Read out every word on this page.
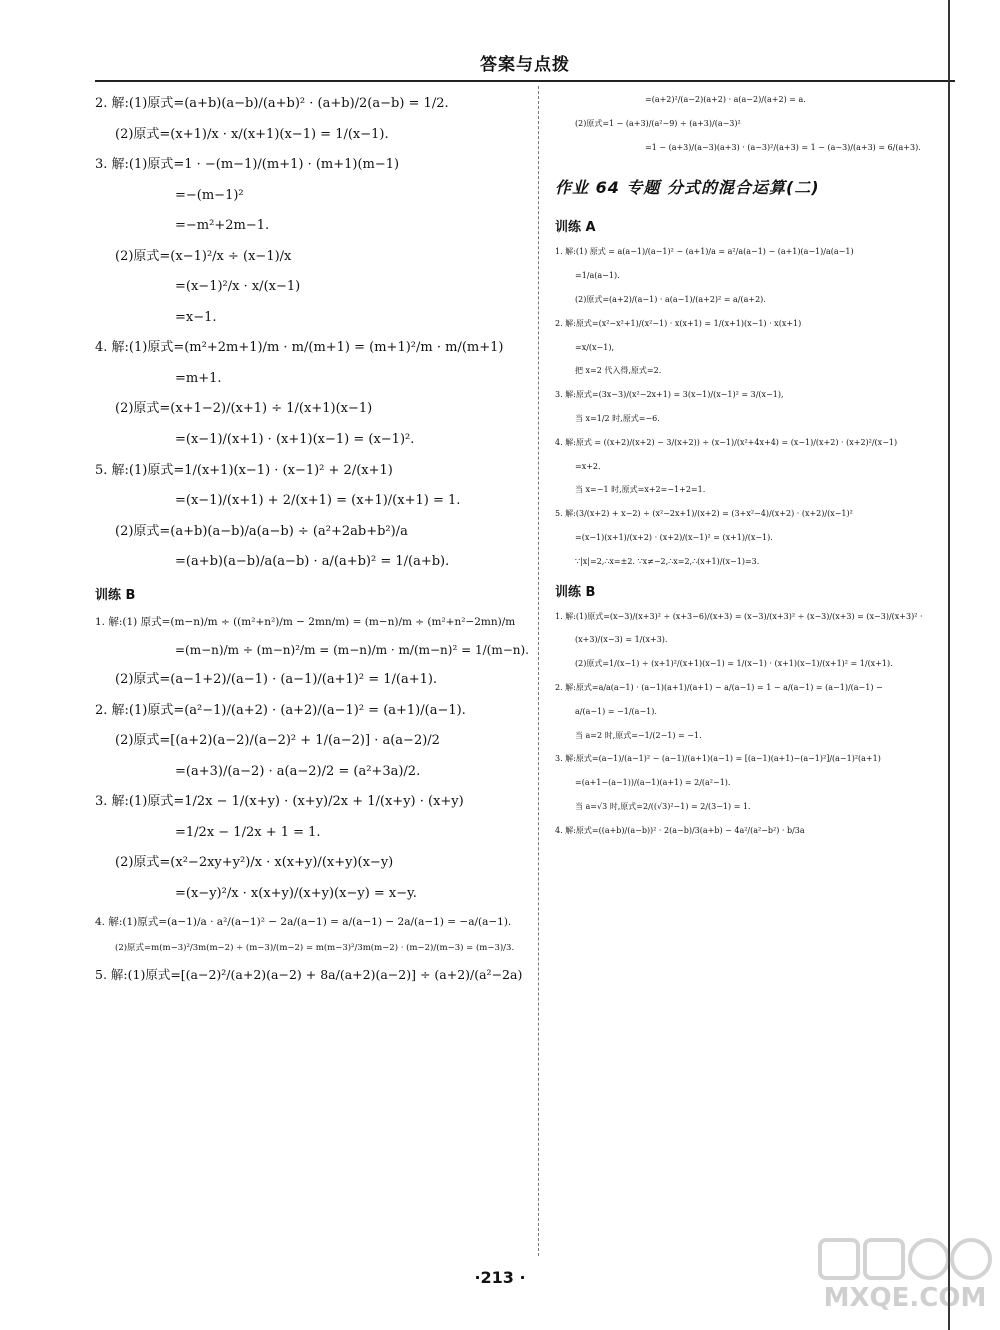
答案与点拨
2. 解:(1)原式=(a+b)(a−b)/(a+b)² · (a+b)/2(a−b) = 1/2.
(2)原式=(x+1)/x · x/(x+1)(x−1) = 1/(x−1).
3. 解:(1)原式=1 · −(m−1)/(m+1) · (m+1)(m−1)
=−(m−1)²
=−m²+2m−1.
(2)原式=(x−1)²/x ÷ (x−1)/x
=(x−1)²/x · x/(x−1)
=x−1.
4. 解:(1)原式=(m²+2m+1)/m · m/(m+1) = (m+1)²/m · m/(m+1)
=m+1.
(2)原式=(x+1−2)/(x+1) ÷ 1/(x+1)(x−1)
=(x−1)/(x+1) · (x+1)(x−1) = (x−1)².
5. 解:(1)原式=1/(x+1)(x−1) · (x−1)² + 2/(x+1)
=(x−1)/(x+1) + 2/(x+1) = (x+1)/(x+1) = 1.
(2)原式=(a+b)(a−b)/a(a−b) ÷ (a²+2ab+b²)/a
=(a+b)(a−b)/a(a−b) · a/(a+b)² = 1/(a+b).
训练 B
1. 解:(1) 原式=(m−n)/m ÷ ((m²+n²)/m − 2mn/m) = (m−n)/m ÷ (m²+n²−2mn)/m
=(m−n)/m ÷ (m−n)²/m = (m−n)/m · m/(m−n)² = 1/(m−n).
(2)原式=(a−1+2)/(a−1) · (a−1)/(a+1)² = 1/(a+1).
2. 解:(1)原式=(a²−1)/(a+2) · (a+2)/(a−1)² = (a+1)/(a−1).
(2)原式=[(a+2)(a−2)/(a−2)² + 1/(a−2)] · a(a−2)/2
=(a+3)/(a−2) · a(a−2)/2 = (a²+3a)/2.
3. 解:(1)原式=1/2x − 1/(x+y) · (x+y)/2x + 1/(x+y) · (x+y)
=1/2x − 1/2x + 1 = 1.
(2)原式=(x²−2xy+y²)/x · x(x+y)/(x+y)(x−y)
=(x−y)²/x · x(x+y)/(x+y)(x−y) = x−y.
4. 解:(1)原式=(a−1)/a · a²/(a−1)² − 2a/(a−1) = a/(a−1) − 2a/(a−1) = −a/(a−1).
(2)原式=m(m−3)²/3m(m−2) ÷ (m−3)/(m−2) = m(m−3)²/3m(m−2) · (m−2)/(m−3) = (m−3)/3.
5. 解:(1)原式=[(a−2)²/(a+2)(a−2) + 8a/(a+2)(a−2)] ÷ (a+2)/(a²−2a)
=(a+2)²/(a−2)(a+2) · a(a−2)/(a+2) = a.
(2)原式=1 − (a+3)/(a²−9) ÷ (a+3)/(a−3)²
=1 − (a+3)/(a−3)(a+3) · (a−3)²/(a+3) = 1 − (a−3)/(a+3) = 6/(a+3).
作业 64 专题 分式的混合运算(二)
训练 A
1. 解:(1) 原式 = a(a−1)/(a−1)² − (a+1)/a = a²/a(a−1) − (a+1)(a−1)/a(a−1)
=1/a(a−1).
(2)原式=(a+2)/(a−1) · a(a−1)/(a+2)² = a/(a+2).
2. 解:原式=(x²−x²+1)/(x²−1) · x(x+1) = 1/(x+1)(x−1) · x(x+1)
=x/(x−1),
把 x=2 代入得,原式=2.
3. 解:原式=(3x−3)/(x²−2x+1) = 3(x−1)/(x−1)² = 3/(x−1),
当 x=1/2 时,原式=−6.
4. 解:原式 = ((x+2)/(x+2) − 3/(x+2)) ÷ (x−1)/(x²+4x+4) = (x−1)/(x+2) · (x+2)²/(x−1)
=x+2.
当 x=−1 时,原式=x+2=−1+2=1.
5. 解:(3/(x+2) + x−2) ÷ (x²−2x+1)/(x+2) = (3+x²−4)/(x+2) · (x+2)/(x−1)²
=(x−1)(x+1)/(x+2) · (x+2)/(x−1)² = (x+1)/(x−1).
∵|x|=2,∴x=±2. ∵x≠−2,∴x=2,∴(x+1)/(x−1)=3.
训练 B
1. 解:(1)原式=(x−3)/(x+3)² ÷ (x+3−6)/(x+3) = (x−3)/(x+3)² ÷ (x−3)/(x+3) = (x−3)/(x+3)² ·
(x+3)/(x−3) = 1/(x+3).
(2)原式=1/(x−1) ÷ (x+1)²/(x+1)(x−1) = 1/(x−1) · (x+1)(x−1)/(x+1)² = 1/(x+1).
2. 解:原式=a/a(a−1) · (a−1)(a+1)/(a+1) − a/(a−1) = 1 − a/(a−1) = (a−1)/(a−1) −
a/(a−1) = −1/(a−1).
当 a=2 时,原式=−1/(2−1) = −1.
3. 解:原式=(a−1)/(a−1)² − (a−1)/(a+1)(a−1) = [(a−1)(a+1)−(a−1)²]/(a−1)²(a+1)
=(a+1−(a−1))/(a−1)(a+1) = 2/(a²−1).
当 a=√3 时,原式=2/((√3)²−1) = 2/(3−1) = 1.
4. 解:原式=((a+b)/(a−b))² · 2(a−b)/3(a+b) − 4a²/(a²−b²) · b/3a
·213 ·
MXQE.COM
